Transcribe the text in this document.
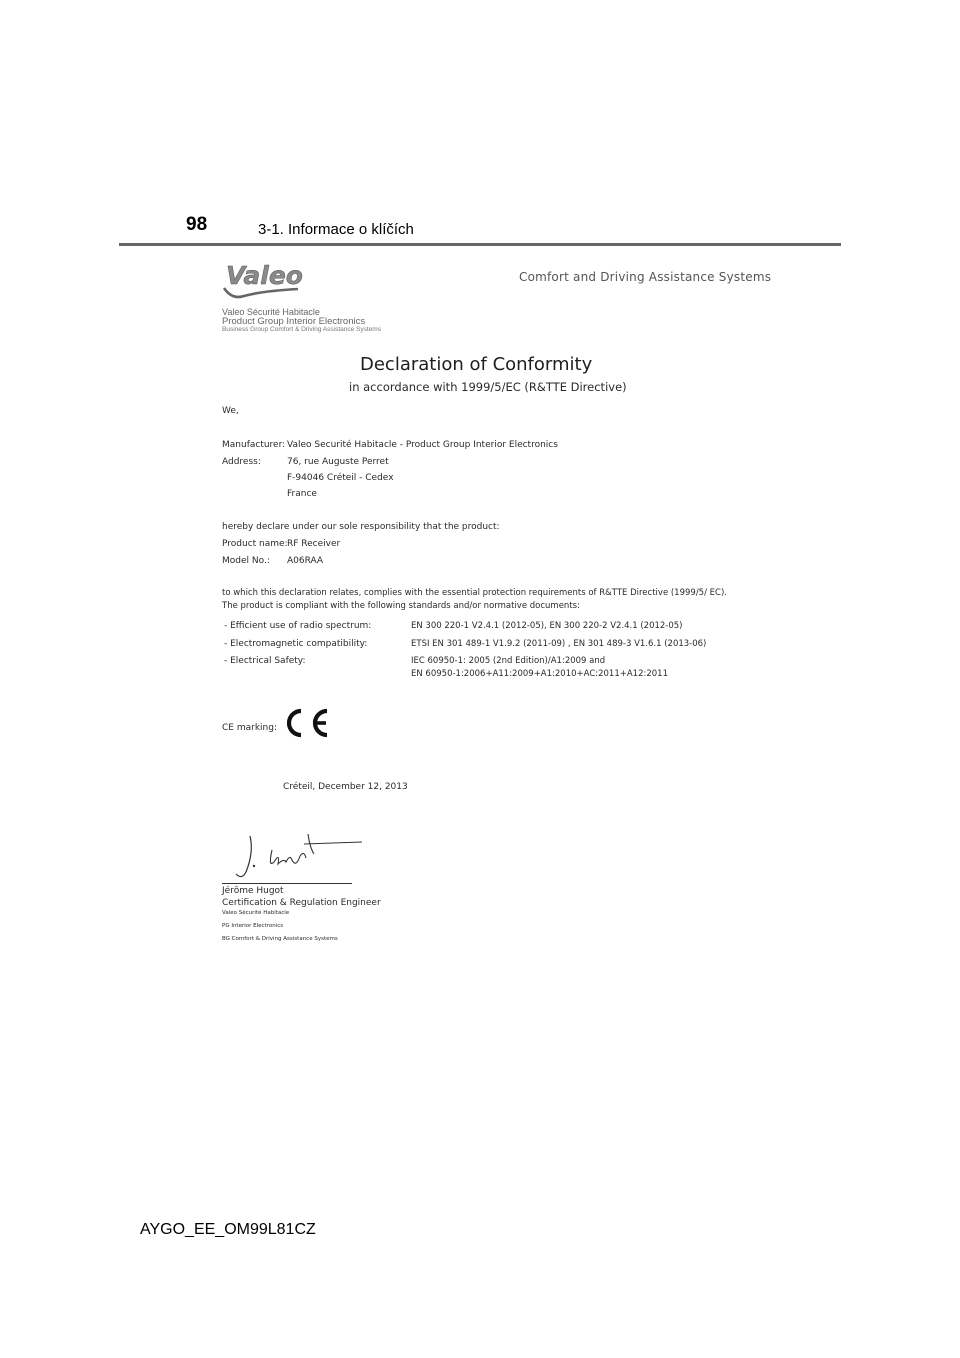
98	3-1. Informace o klíčích
Valeo	Comfort and Driving Assistance Systems
Valeo Sécurité Habitacle
Product Group Interior Electronics
Business Group Comfort & Driving Assistance Systems
Declaration of Conformity
in accordance with 1999/5/EC (R&TTE Directive)
We,
Manufacturer: Valeo Securité Habitacle - Product Group Interior Electronics
Address:	76, rue Auguste Perret
F-94046 Créteil - Cedex
France
hereby declare under our sole responsibility that the product:
Product name: RF Receiver
Model No.: A06RAA
to which this declaration relates, complies with the essential protection requirements of R&TTE Directive (1999/5/ EC).
The product is compliant with the following standards and/or normative documents:
- Efficient use of radio spectrum:	EN 300 220-1 V2.4.1 (2012-05), EN 300 220-2 V2.4.1 (2012-05)
- Electromagnetic compatibility:	ETSI EN 301 489-1 V1.9.2 (2011-09) , EN 301 489-3 V1.6.1 (2013-06)
- Electrical Safety:	IEC 60950-1: 2005 (2nd Edition)/A1:2009 and
EN 60950-1:2006+A11:2009+A1:2010+AC:2011+A12:2011
CE marking:
Créteil, December 12, 2013
Jérôme Hugot
Certification & Regulation Engineer
Valeo Sécurité Habitacle
PG Interior Electronics
BG Comfort & Driving Assistance Systems
AYGO_EE_OM99L81CZ
